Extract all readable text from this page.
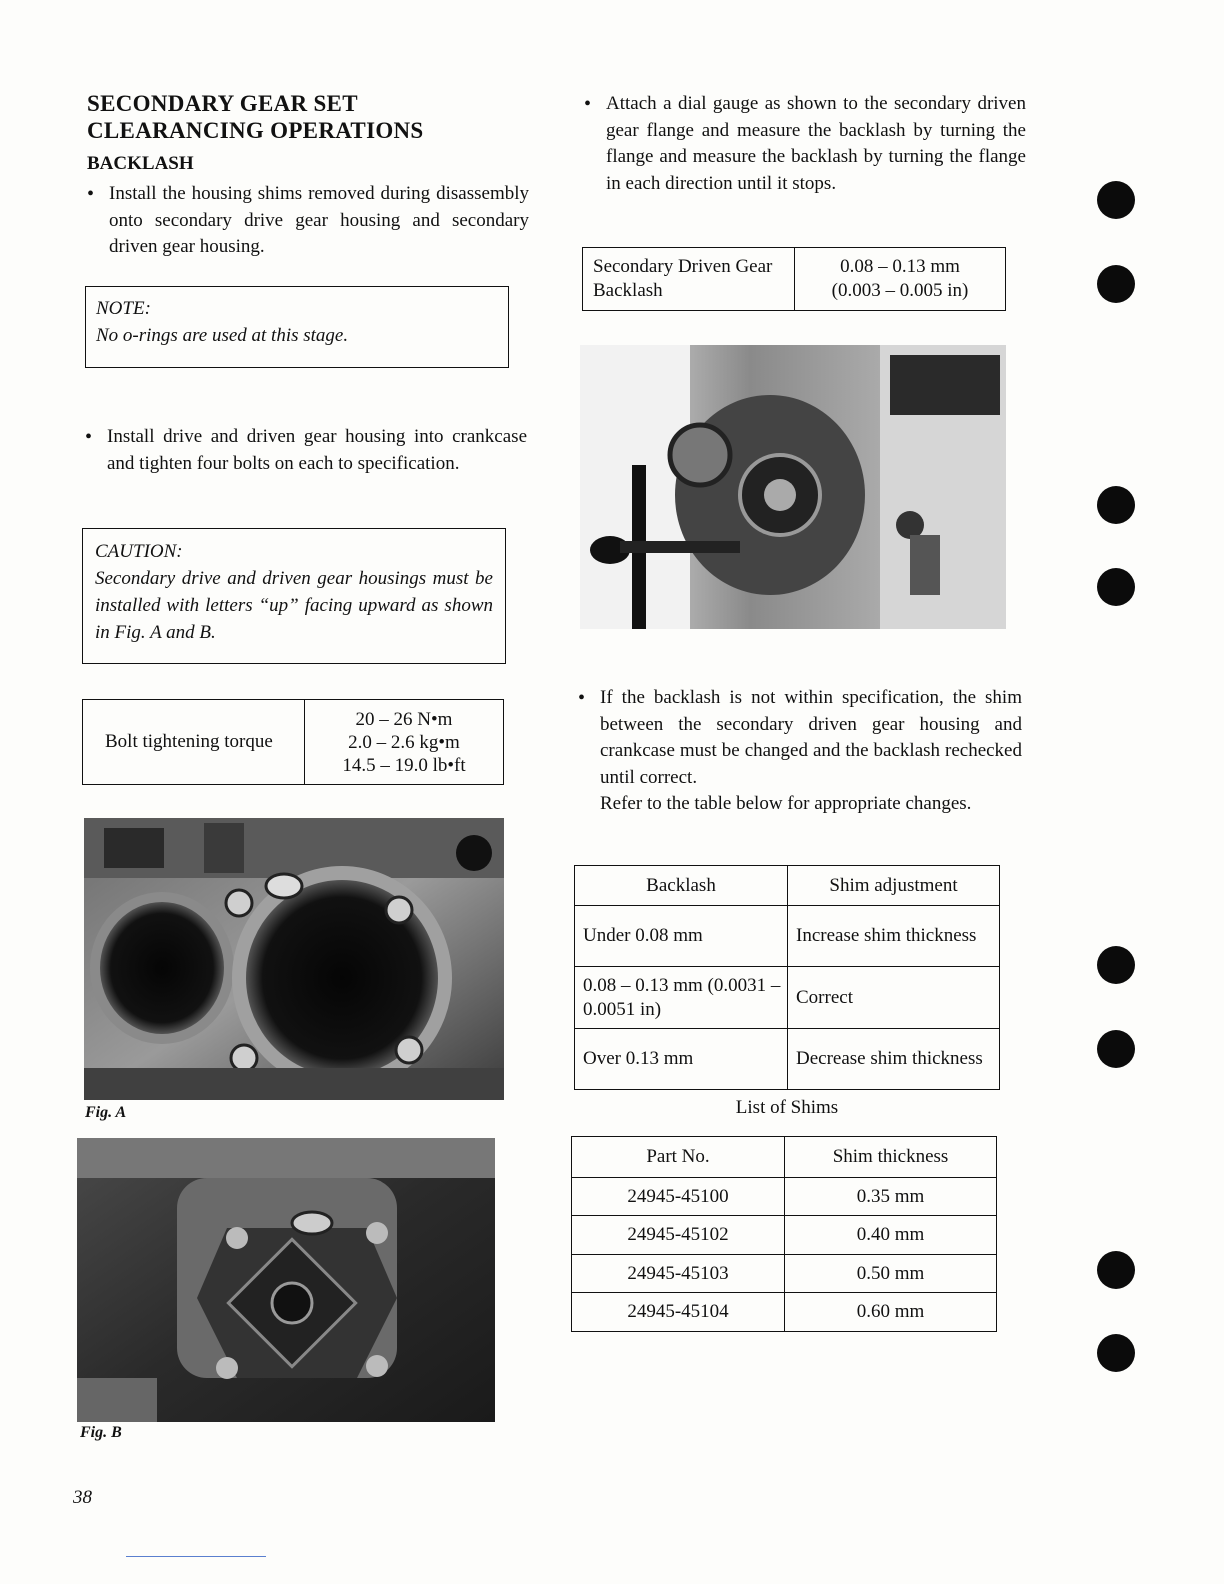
SECONDARY GEAR SET
CLEARANCING OPERATIONS
BACKLASH
• Install the housing shims removed during disassembly onto secondary drive gear housing and secondary driven gear housing.
NOTE:
No o-rings are used at this stage.
• Install drive and driven gear housing into crankcase and tighten four bolts on each to specification.
CAUTION:
Secondary drive and driven gear housings must be installed with letters “up” facing upward as shown in Fig. A and B.
Bolt tightening torque	
20 – 26 N•m
2.0 – 2.6 kg•m
14.5 – 19.0 lb•ft
Fig. A
Fig. B
38
• Attach a dial gauge as shown to the secondary driven gear flange and measure the backlash by turning the flange and measure the backlash by turning the flange in each direction until it stops.
Secondary Driven Gear Backlash	
0.08 – 0.13 mm
(0.003 – 0.005 in)
• If the backlash is not within specification, the shim between the secondary driven gear housing and crankcase must be changed and the backlash rechecked until correct.
Refer to the table below for appropriate changes.
Backlash	Shim adjustment
Under 0.08 mm	Increase shim thickness
0.08 – 0.13 mm (0.0031 – 0.0051 in)	Correct
Over 0.13 mm	Decrease shim thickness
List of Shims
Part No.	Shim thickness
24945-45100	0.35 mm
24945-45102	0.40 mm
24945-45103	0.50 mm
24945-45104	0.60 mm
